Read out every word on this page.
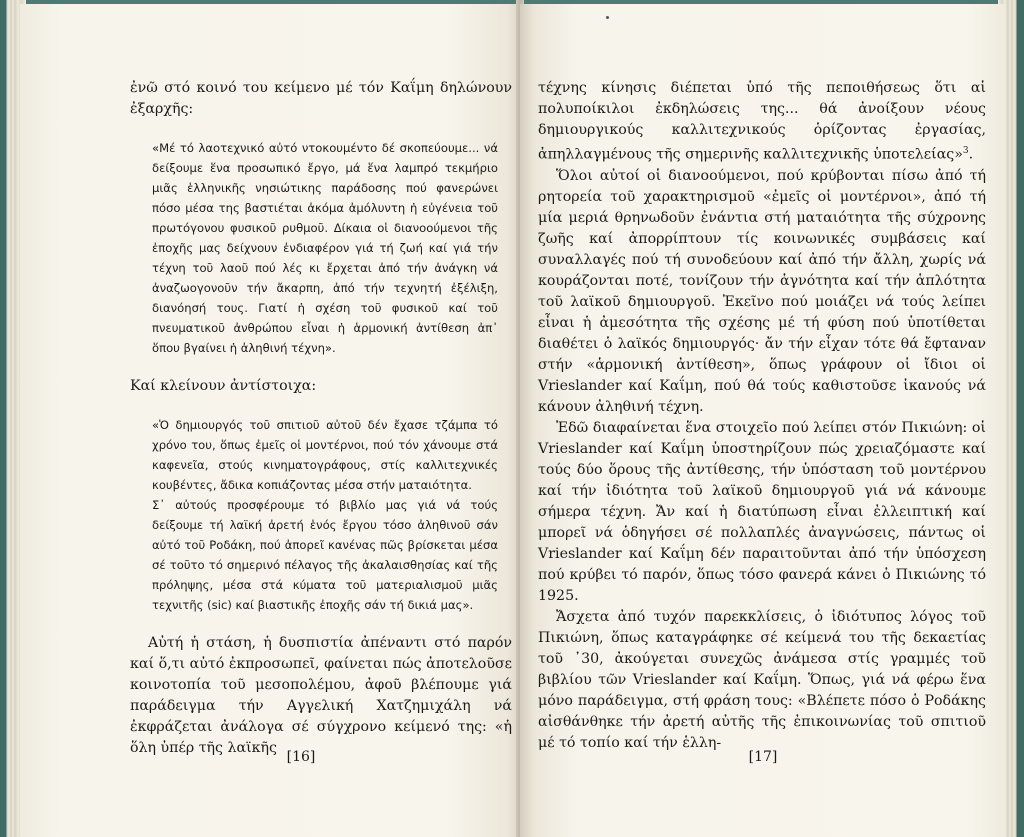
ἐνῶ στό κοινό του κείμενο μέ τόν Καΐμη δηλώνουν ἐξαρχῆς:

«Μέ τό λαοτεχνικό αὐτό ντοκουμέντο δέ σκοπεύουμε... νά δείξουμε ἕνα προσωπικό ἔργο, μά ἕνα λαμπρό τεκμήριο μιᾶς ἑλληνικῆς νησιώτικης παράδοσης πού φανερώνει πόσο μέσα της βαστιέται ἀκόμα ἀμόλυντη ἡ εὐγένεια τοῦ πρωτόγονου φυσικοῦ ρυθμοῦ. Δίκαια οἱ διανοούμενοι τῆς ἐποχῆς μας δείχνουν ἐνδιαφέρον γιά τή ζωή καί γιά τήν τέχνη τοῦ λαοῦ πού λές κι ἔρχεται ἀπό τήν ἀνάγκη νά ἀναζωογονοῦν τήν ἄκαρπη, ἀπό τήν τεχνητή ἐξέλιξη, διανόησή τους. Γιατί ἡ σχέση τοῦ φυσικοῦ καί τοῦ πνευματικοῦ ἀνθρώπου εἶναι ἡ ἁρμονική ἀντίθεση ἀπ᾽ ὅπου βγαίνει ἡ ἀληθινή τέχνη».

Καί κλείνουν ἀντίστοιχα:

«Ὁ δημιουργός τοῦ σπιτιοῦ αὐτοῦ δέν ἔχασε τζάμπα τό χρόνο του, ὅπως ἐμεῖς οἱ μοντέρνοι, πού τόν χάνουμε στά καφενεῖα, στούς κινηματογράφους, στίς καλλιτεχνικές κουβέντες, ἄδικα κοπιάζοντας μέσα στήν ματαιότητα.

Σ᾽ αὐτούς προσφέρουμε τό βιβλίο μας γιά νά τούς δείξουμε τή λαϊκή ἀρετή ἑνός ἔργου τόσο ἀληθινοῦ σάν αὐτό τοῦ Ροδάκη, πού ἀπορεῖ κανένας πῶς βρίσκεται μέσα σέ τοῦτο τό σημερινό πέλαγος τῆς ἀκαλαισθησίας καί τῆς πρόληψης, μέσα στά κύματα τοῦ ματεριαλισμοῦ μιᾶς τεχνιτῆς (sic) καί βιαστικῆς ἐποχῆς σάν τή δικιά μας».

Αὐτή ἡ στάση, ἡ δυσπιστία ἀπέναντι στό παρόν καί ὅ,τι αὐτό ἐκπροσωπεῖ, φαίνεται πώς ἀποτελοῦσε κοινοτοπία τοῦ μεσοπολέμου, ἀφοῦ βλέπουμε γιά παράδειγμα τήν Αγγελική Χατζημιχάλη νά ἐκφράζεται ἀνάλογα σέ σύγχρονο κείμενό της: «ἡ ὅλη ὑπέρ τῆς λαϊκῆς

[16]

τέχνης κίνησις διέπεται ὑπό τῆς πεποιθήσεως ὅτι αἱ πολυποίκιλοι ἐκδηλώσεις της... θά ἀνοίξουν νέους δημιουργικούς καλλιτεχνικούς ὁρίζοντας ἐργασίας, ἀπηλλαγμένους τῆς σημερινῆς καλλιτεχνικῆς ὑποτελείας»$^3$.

Ὅλοι αὐτοί οἱ διανοούμενοι, πού κρύβονται πίσω ἀπό τή ρητορεία τοῦ χαρακτηρισμοῦ «ἐμεῖς οἱ μοντέρνοι», ἀπό τή μία μεριά θρηνωδοῦν ἐνάντια στή ματαιότητα τῆς σύχρονης ζωῆς καί ἀπορρίπτουν τίς κοινωνικές συμβάσεις καί συναλλαγές πού τή συνοδεύουν καί ἀπό τήν ἄλλη, χωρίς νά κουράζονται ποτέ, τονίζουν τήν ἁγνότητα καί τήν ἁπλότητα τοῦ λαϊκοῦ δημιουργοῦ. Ἐκεῖνο πού μοιάζει νά τούς λείπει εἶναι ἡ ἀμεσότητα τῆς σχέσης μέ τή φύση πού ὑποτίθεται διαθέτει ὁ λαϊκός δημιουργός· ἄν τήν εἶχαν τότε θά ἔφταναν στήν «ἁρμονική ἀντίθεση», ὅπως γράφουν οἱ ἴδιοι οἱ Vrieslander καί Καΐμη, πού θά τούς καθιστοῦσε ἱκανούς νά κάνουν ἀληθινή τέχνη.

Ἐδῶ διαφαίνεται ἕνα στοιχεῖο πού λείπει στόν Πικιώνη: οἱ Vrieslander καί Καΐμη ὑποστηρίζουν πώς χρειαζόμαστε καί τούς δύο ὅρους τῆς ἀντίθεσης, τήν ὑπόσταση τοῦ μοντέρνου καί τήν ἰδιότητα τοῦ λαϊκοῦ δημιουργοῦ γιά νά κάνουμε σήμερα τέχνη. Ἄν καί ἡ διατύπωση εἶναι ἐλλειπτική καί μπορεῖ νά ὁδηγήσει σέ πολλαπλές ἀναγνώσεις, πάντως οἱ Vrieslander καί Καΐμη δέν παραιτοῦνται ἀπό τήν ὑπόσχεση πού κρύβει τό παρόν, ὅπως τόσο φανερά κάνει ὁ Πικιώνης τό 1925.

Ἄσχετα ἀπό τυχόν παρεκκλίσεις, ὁ ἰδιότυπος λόγος τοῦ Πικιώνη, ὅπως καταγράφηκε σέ κείμενά του τῆς δεκαετίας τοῦ ᾽30, ἀκούγεται συνεχῶς ἀνάμεσα στίς γραμμές τοῦ βιβλίου τῶν Vrieslander καί Καΐμη. Ὅπως, γιά νά φέρω ἕνα μόνο παράδειγμα, στή φράση τους: «Βλέπετε πόσο ὁ Ροδάκης αἰσθάνθηκε τήν ἀρετή αὐτῆς τῆς ἐπικοινωνίας τοῦ σπιτιοῦ μέ τό τοπίο καί τήν ἑλλη-

[17]
